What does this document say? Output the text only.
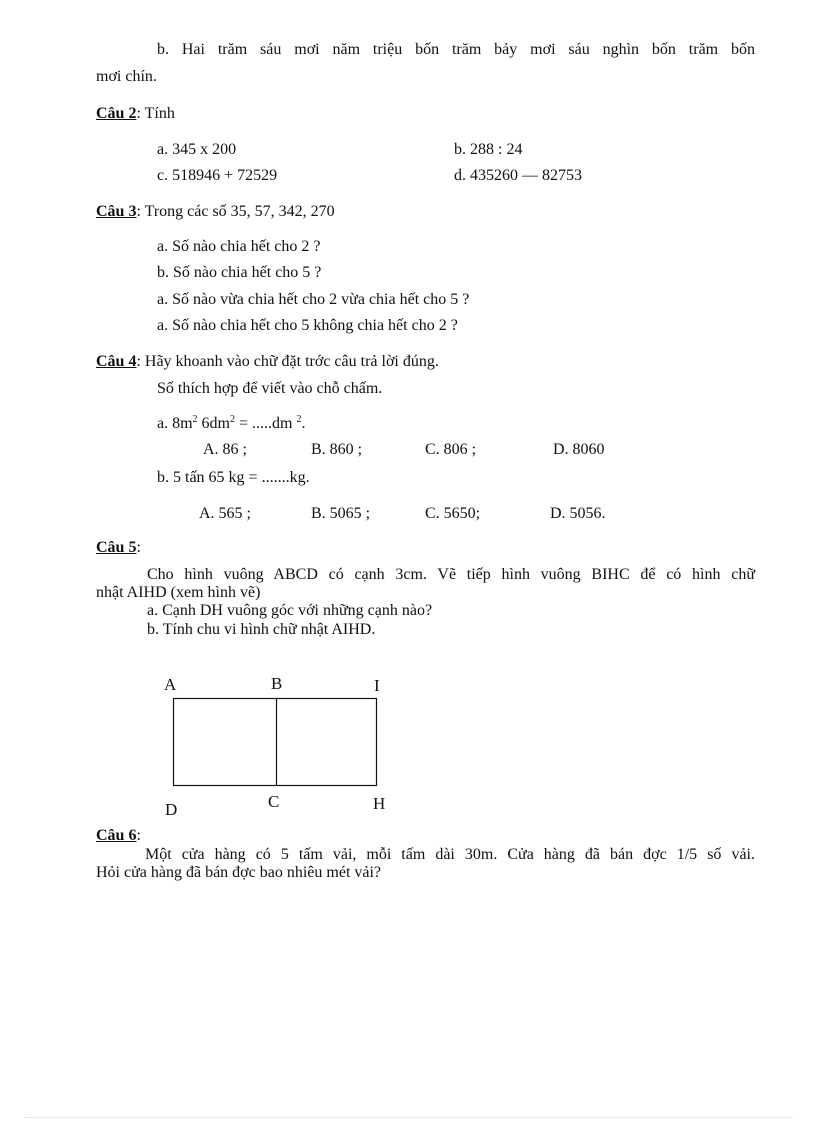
b. Hai trăm sáu mơi năm triệu bốn trăm bảy mơi sáu nghìn bốn trăm bốn
mơi chín.
Câu 2: Tính
a. 345 x 200	b. 288 : 24
c. 518946 + 72529	d. 435260 — 82753
Câu 3: Trong các số 35, 57, 342, 270
a. Số nào chia hết cho 2 ?
b. Số nào chia hết cho 5 ?
a. Số nào vừa chia hết cho 2 vừa chia hết cho 5 ?
a. Số nào chia hết cho 5 không chia hết cho 2 ?
Câu 4: Hãy khoanh vào chữ đặt trớc câu trả lời đúng.
Số thích hợp để viết vào chỗ chấm.
a. $8m^2$ $6dm^2 = .....dm$ $^2$.
A. 86 ;	B. 860 ;	C. 806 ;	D. 8060
b. 5 tấn 65 kg = .......kg.
A. 565 ;	B. 5065 ;	C. 5650;	D. 5056.
Câu 5:
Cho hình vuông ABCD có cạnh 3cm. Vẽ tiếp hình vuông BIHC để có hình chữ
nhật AIHD (xem hình vẽ)
a. Cạnh DH vuông góc với những cạnh nào?
b. Tính chu vi hình chữ nhật AIHD.
A	B	I
D	C	H
Câu 6:
Một cửa hàng có 5 tấm vải, mỗi tấm dài 30m. Cửa hàng đã bán đợc 1/5 số vải.
Hỏi cửa hàng đã bán đợc bao nhiêu mét vải?
